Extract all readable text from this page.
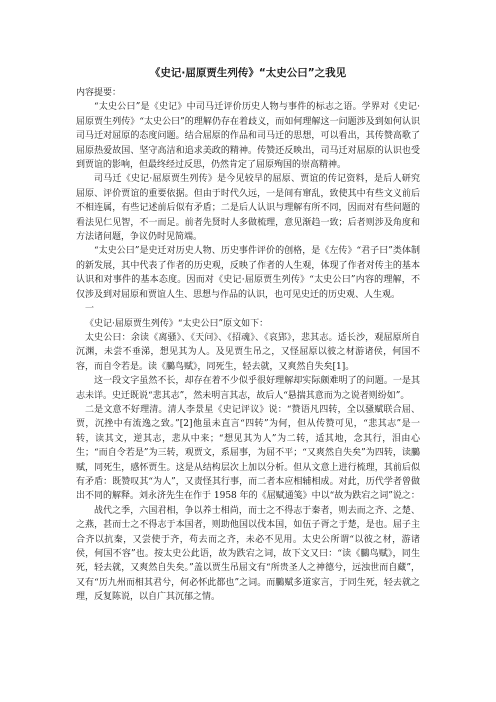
《史记·屈原贾生列传》“太史公曰”之我见

内容提要：

“太史公曰”是《史记》中司马迁评价历史人物与事件的标志之语。学界对《史记·屈原贾生列传》“太史公曰”的理解仍存在着歧义，而如何理解这一问题涉及到如何认识司马迁对屈原的态度问题。结合屈原的作品和司马迁的思想，可以看出，其传赞高歌了屈原热爱故国、坚守高洁和追求美政的精神。传赞还反映出，司马迁对屈原的认识也受到贾谊的影响，但最终经过反思，仍然肯定了屈原殉国的崇高精神。

司马迁《史记·屈原贾生列传》是今见较早的屈原、贾谊的传记资料，是后人研究屈原、评价贾谊的重要依据。但由于时代久远，一是间有窜乱，致使其中有些文义前后不相连属，有些记述前后似有矛盾；二是后人认识与理解有所不同，因而对有些问题的看法见仁见智，不一而足。前者先贤时人多做梳理，意见渐趋一致；后者则涉及角度和方法诸问题，争议仍时见简端。

“太史公曰”是史迁对历史人物、历史事件评价的创格，是《左传》“君子曰”类体制的新发展，其中代表了作者的历史观，反映了作者的人生观，体现了作者对传主的基本认识和对事件的基本态度。因而对《史记·屈原贾生列传》“太史公曰”内容的理解，不仅涉及到对屈原和贾谊人生、思想与作品的认识，也可见史迁的历史观、人生观。

一

《史记·屈原贾生列传》“太史公曰”原文如下：

太史公曰：余读《离骚》、《天问》、《招魂》、《哀郢》，悲其志。适长沙，观屈原所自沉渊，未尝不垂涕，想见其为人。及见贾生吊之，又怪屈原以彼之材游诸侯，何国不容，而自令若是。读《鵩鸟赋》，同死生，轻去就，又爽然自失矣[1]。

这一段文字虽然不长，却存在着不少似乎很好理解却实际颇难明了的问题。一是其志未详。史迁既说“悲其志”，然未明言其志，故后人“悬揣其意而为之说者则纷如”。

二是文意不好理清。清人李景星《史记评议》说：“赞语凡四转，全以骚赋联合屈、贾，沉挫中有流逸之致。”[2]他虽未直言“四转”为何，但从传赞可见，“悲其志”是一转，读其文，逆其志，悲从中来；“想见其为人”为二转，适其地，念其行，泪由心生；“而自令若是”为三转，观贾文，系屈事，为屈不平；“又爽然自失矣”为四转，读鵩赋，同死生，感怀贾生。这是从结构层次上加以分析。但从文意上进行梳理，其前后似有矛盾：既赞叹其“为人”，又责怪其行事，而二者本应相辅相成。对此，历代学者曾做出不同的解释。刘永济先生在作于 1958 年的《屈赋通笺》中以“故为跌宕之词”说之：

战代之季，六国君相，争以养士相尚，而士之不得志于秦者，则去而之齐、之楚、之燕，甚而士之不得志于本国者，则助他国以伐本国，如伍子胥之于楚，是也。屈子主合齐以抗秦，又尝使于齐，苟去而之齐，未必不见用。太史公所谓“以彼之材，游诸侯，何国不容”也。按太史公此语，故为跌宕之词，故下文又曰：“读《鵩鸟赋》，同生死，轻去就，又爽然自失矣。”盖以贾生吊屈文有“所贵圣人之神德兮，远浊世而自藏”，又有“历九州而相其君兮，何必怀此都也”之词。而鵩赋多道家言，于同生死，轻去就之理，反复陈说，以自广其沉郁之情。
